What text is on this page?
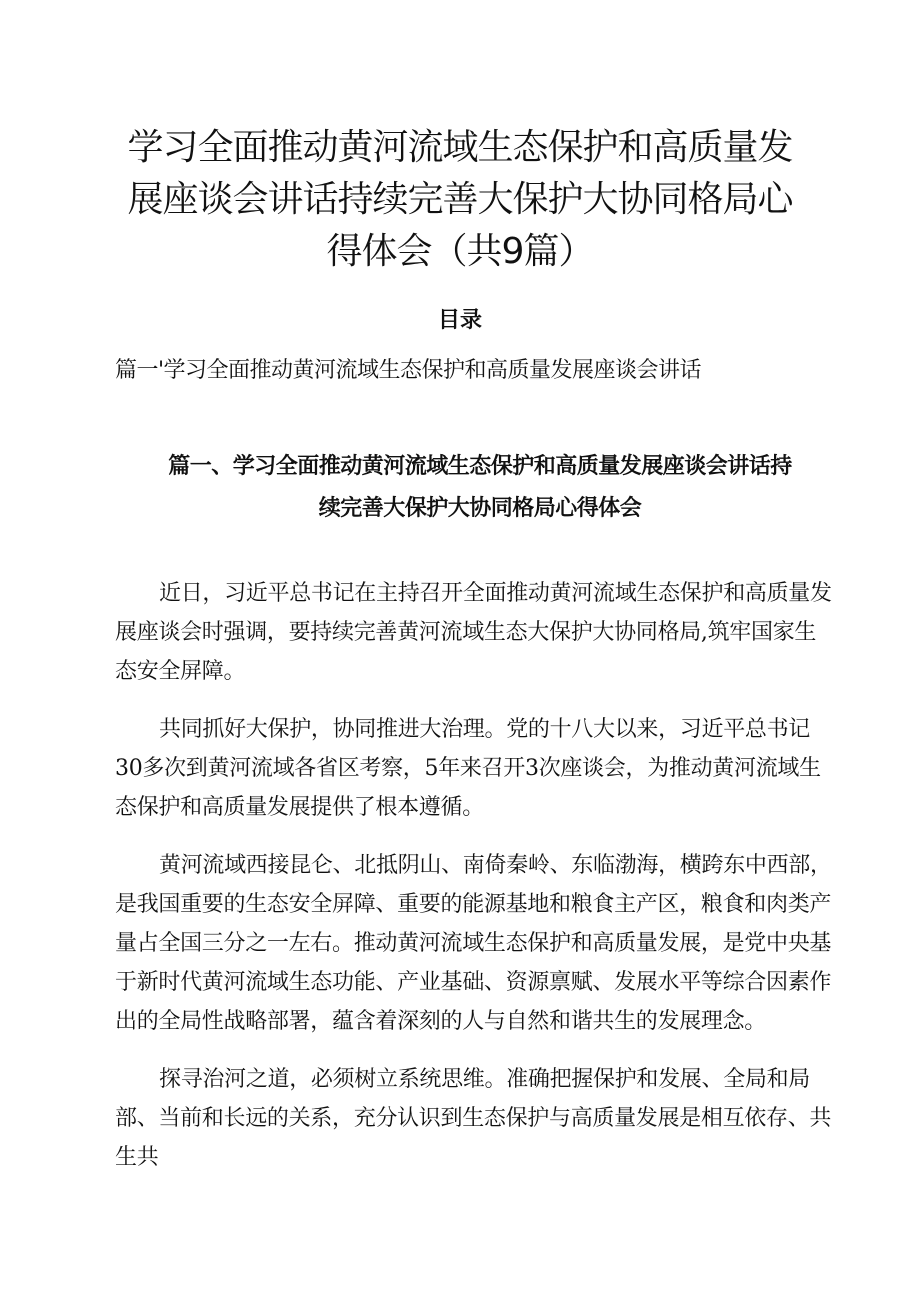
学习全面推动黄河流域生态保护和高质量发展座谈会讲话持续完善大保护大协同格局心得体会（共9篇）
目录
篇一'学习全面推动黄河流域生态保护和高质量发展座谈会讲话
篇一、学习全面推动黄河流域生态保护和高质量发展座谈会讲话持续完善大保护大协同格局心得体会

近日，习近平总书记在主持召开全面推动黄河流域生态保护和高质量发展座谈会时强调，要持续完善黄河流域生态大保护大协同格局,筑牢国家生态安全屏障。

共同抓好大保护，协同推进大治理。党的十八大以来，习近平总书记30多次到黄河流域各省区考察，5年来召开3次座谈会，为推动黄河流域生态保护和高质量发展提供了根本遵循。

黄河流域西接昆仑、北抵阴山、南倚秦岭、东临渤海，横跨东中西部，是我国重要的生态安全屏障、重要的能源基地和粮食主产区，粮食和肉类产量占全国三分之一左右。推动黄河流域生态保护和高质量发展，是党中央基于新时代黄河流域生态功能、产业基础、资源禀赋、发展水平等综合因素作出的全局性战略部署，蕴含着深刻的人与自然和谐共生的发展理念。

探寻治河之道，必须树立系统思维。准确把握保护和发展、全局和局部、当前和长远的关系，充分认识到生态保护与高质量发展是相互依存、共生共
